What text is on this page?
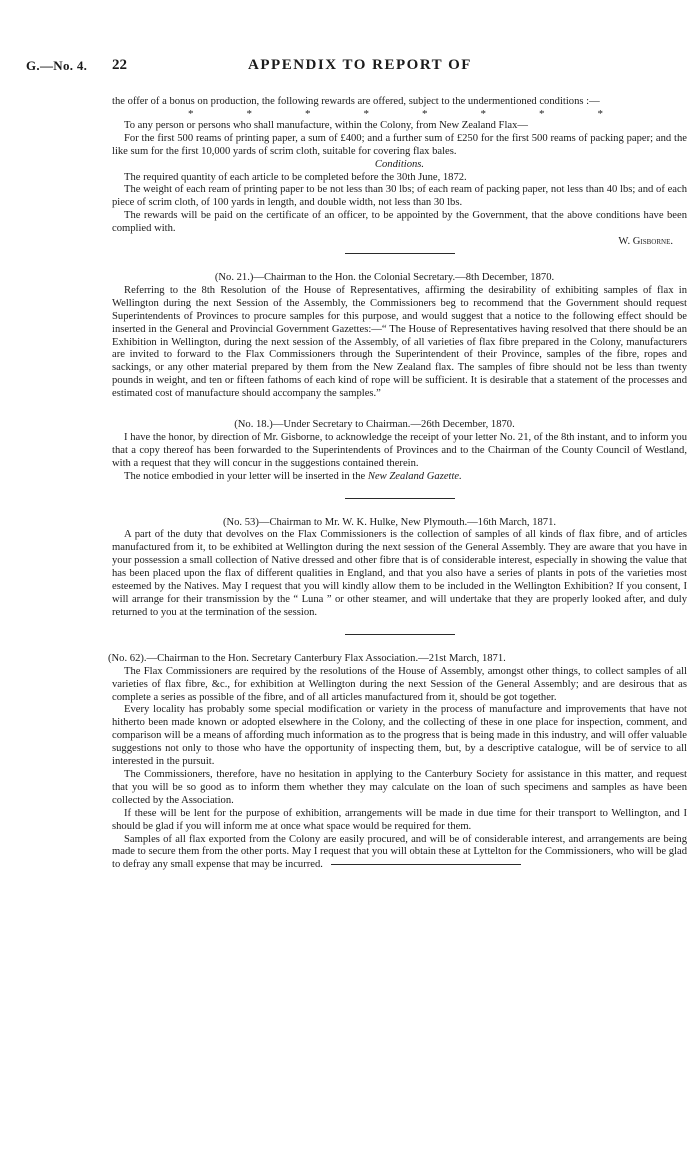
G.—No. 4. 22	APPENDIX TO REPORT OF

the offer of a bonus on production, the following rewards are offered, subject to the undermentioned conditions :—

*	*	*	*	*	*	*	*

To any person or persons who shall manufacture, within the Colony, from New Zealand Flax—

For the first 500 reams of printing paper, a sum of £400; and a further sum of £250 for the first 500 reams of packing paper; and the like sum for the first 10,000 yards of scrim cloth, suitable for covering flax bales.

Conditions.

The required quantity of each article to be completed before the 30th June, 1872.

The weight of each ream of printing paper to be not less than 30 lbs; of each ream of packing paper, not less than 40 lbs; and of each piece of scrim cloth, of 100 yards in length, and double width, not less than 30 lbs.

The rewards will be paid on the certificate of an officer, to be appointed by the Government, that the above conditions have been complied with.

W. Gisborne.

(No. 21.)—Chairman to the Hon. the Colonial Secretary.—8th December, 1870.

Referring to the 8th Resolution of the House of Representatives, affirming the desirability of exhibiting samples of flax in Wellington during the next Session of the Assembly, the Commissioners beg to recommend that the Government should request Superintendents of Provinces to procure samples for this purpose, and would suggest that a notice to the following effect should be inserted in the General and Provincial Government Gazettes:—“ The House of Representatives having resolved that there should be an Exhibition in Wellington, during the next session of the Assembly, of all varieties of flax fibre prepared in the Colony, manufacturers are invited to forward to the Flax Commissioners through the Superintendent of their Province, samples of the fibre, ropes and sackings, or any other material prepared by them from the New Zealand flax. The samples of fibre should not be less than twenty pounds in weight, and ten or fifteen fathoms of each kind of rope will be sufficient. It is desirable that a statement of the processes and estimated cost of manufacture should accompany the samples.”

(No. 18.)—Under Secretary to Chairman.—26th December, 1870.

I have the honor, by direction of Mr. Gisborne, to acknowledge the receipt of your letter No. 21, of the 8th instant, and to inform you that a copy thereof has been forwarded to the Superintendents of Provinces and to the Chairman of the County Council of Westland, with a request that they will concur in the suggestions contained therein.

The notice embodied in your letter will be inserted in the New Zealand Gazette.

(No. 53)—Chairman to Mr. W. K. Hulke, New Plymouth.—16th March, 1871.

A part of the duty that devolves on the Flax Commissioners is the collection of samples of all kinds of flax fibre, and of articles manufactured from it, to be exhibited at Wellington during the next session of the General Assembly. They are aware that you have in your possession a small collection of Native dressed and other fibre that is of considerable interest, especially in showing the value that has been placed upon the flax of different qualities in England, and that you also have a series of plants in pots of the varieties most esteemed by the Natives. May I request that you will kindly allow them to be included in the Wellington Exhibition? If you consent, I will arrange for their transmission by the “ Luna ” or other steamer, and will undertake that they are properly looked after, and duly returned to you at the termination of the session.

(No. 62).—Chairman to the Hon. Secretary Canterbury Flax Association.—21st March, 1871.

The Flax Commissioners are required by the resolutions of the House of Assembly, amongst other things, to collect samples of all varieties of flax fibre, &c., for exhibition at Wellington during the next Session of the General Assembly; and are desirous that as complete a series as possible of the fibre, and of all articles manufactured from it, should be got together.

Every locality has probably some special modification or variety in the process of manufacture and improvements that have not hitherto been made known or adopted elsewhere in the Colony, and the collecting of these in one place for inspection, comment, and comparison will be a means of affording much information as to the progress that is being made in this industry, and will offer valuable suggestions not only to those who have the opportunity of inspecting them, but, by a descriptive catalogue, will be of service to all interested in the pursuit.

The Commissioners, therefore, have no hesitation in applying to the Canterbury Society for assistance in this matter, and request that you will be so good as to inform them whether they may calculate on the loan of such specimens and samples as have been collected by the Association.

If these will be lent for the purpose of exhibition, arrangements will be made in due time for their transport to Wellington, and I should be glad if you will inform me at once what space would be required for them.

Samples of all flax exported from the Colony are easily procured, and will be of considerable interest, and arrangements are being made to secure them from the other ports. May I request that you will obtain these at Lyttelton for the Commissioners, who will be glad to defray any small expense that may be incurred.
